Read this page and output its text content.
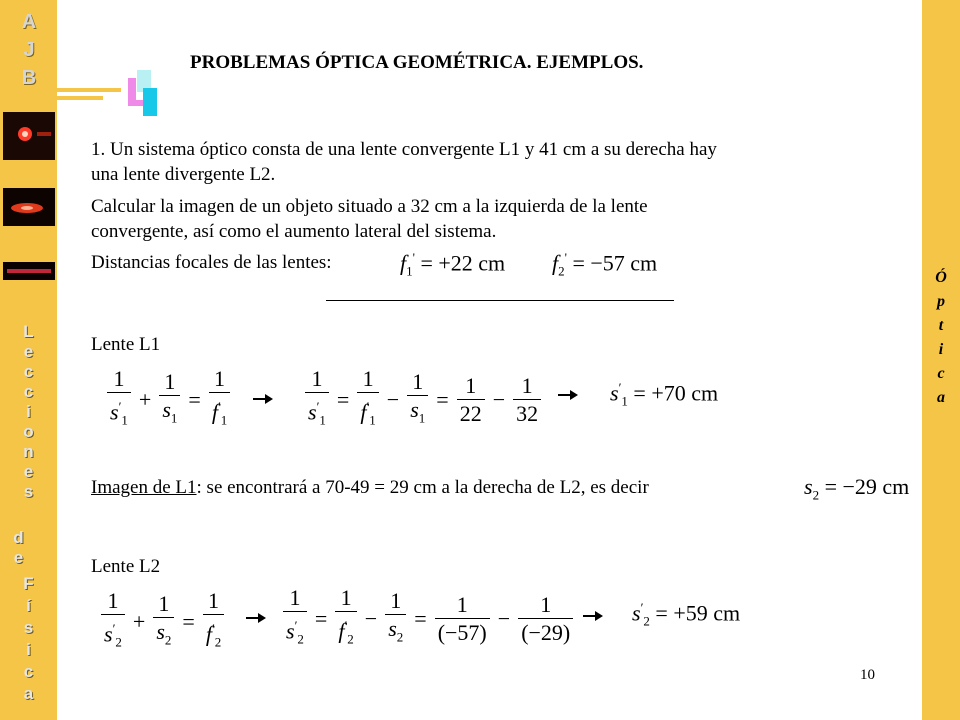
A
J
B
L
e
c
c
i
o
n
e
s
d
e
F
í
s
i
c
a
Ó
p
t
i
c
a
PROBLEMAS ÓPTICA GEOMÉTRICA. EJEMPLOS.
1. Un sistema óptico consta de una lente convergente L1 y 41 cm a su derecha hay
una lente divergente L2.
Calcular la imagen de un objeto situado a 32 cm a la izquierda de la lente
convergente, así como el aumento lateral del sistema.
Distancias focales de las lentes:	$f_1' = +22$ cm $f_2' = -57$ cm
Lente L1
$\frac{1}{s'_1} + \frac{1}{s_1} = \frac{1}{f'_1}$	$\frac{1}{s'_1} = \frac{1}{f'_1} - \frac{1}{s_1} = \frac{1}{22} - \frac{1}{32}$	$s'_1 = +70$ cm
Imagen de L1: se encontrará a 70-49 = 29 cm a la derecha de L2, es decir	$s_2 = -29$ cm
Lente L2
$\frac{1}{s'_2} + \frac{1}{s_2} = \frac{1}{f'_2}$	$\frac{1}{s'_2} = \frac{1}{f'_2} - \frac{1}{s_2} = \frac{1}{(-57)} - \frac{1}{(-29)}$	$s'_2 = +59$ cm
10
